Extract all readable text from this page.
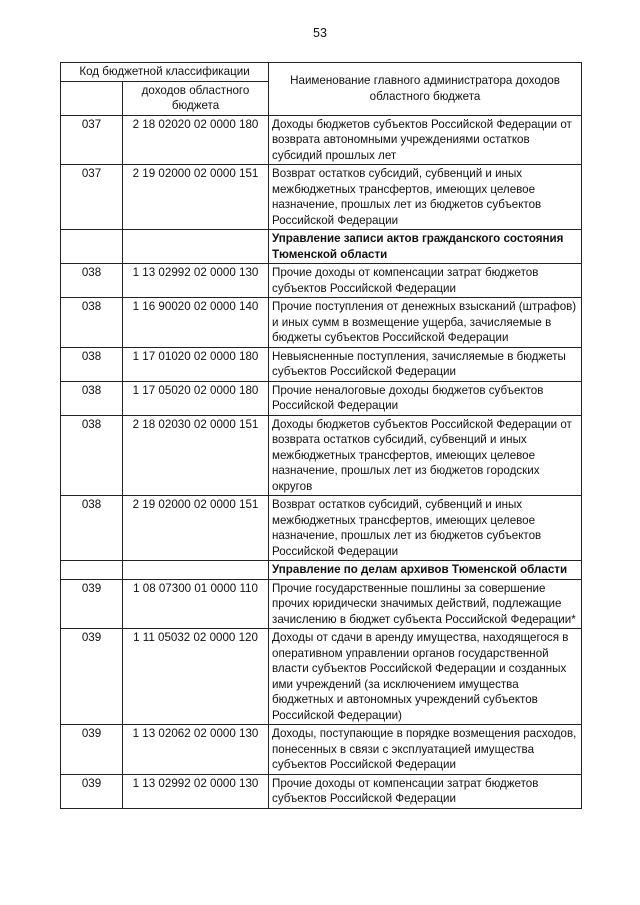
53
Код бюджетной классификации		Наименование главного администратора доходов областного бюджета
	доходов областного бюджета	
037	2 18 02020 02 0000 180	Доходы бюджетов субъектов Российской Федерации от возврата автономными учреждениями остатков субсидий прошлых лет
037	2 19 02000 02 0000 151	Возврат остатков субсидий, субвенций и иных межбюджетных трансфертов, имеющих целевое назначение, прошлых лет из бюджетов субъектов Российской Федерации
		Управление записи актов гражданского состояния Тюменской области
038	1 13 02992 02 0000 130	Прочие доходы от компенсации затрат бюджетов субъектов Российской Федерации
038	1 16 90020 02 0000 140	Прочие поступления от денежных взысканий (штрафов) и иных сумм в возмещение ущерба, зачисляемые в бюджеты субъектов Российской Федерации
038	1 17 01020 02 0000 180	Невыясненные поступления, зачисляемые в бюджеты субъектов Российской Федерации
038	1 17 05020 02 0000 180	Прочие неналоговые доходы бюджетов субъектов Российской Федерации
038	2 18 02030 02 0000 151	Доходы бюджетов субъектов Российской Федерации от возврата остатков субсидий, субвенций и иных межбюджетных трансфертов, имеющих целевое назначение, прошлых лет из бюджетов городских округов
038	2 19 02000 02 0000 151	Возврат остатков субсидий, субвенций и иных межбюджетных трансфертов, имеющих целевое назначение, прошлых лет из бюджетов субъектов Российской Федерации
		Управление по делам архивов Тюменской области
039	1 08 07300 01 0000 110	Прочие государственные пошлины за совершение прочих юридически значимых действий, подлежащие зачислению в бюджет субъекта Российской Федерации*
039	1 11 05032 02 0000 120	Доходы от сдачи в аренду имущества, находящегося в оперативном управлении органов государственной власти субъектов Российской Федерации и созданных ими учреждений (за исключением имущества бюджетных и автономных учреждений субъектов Российской Федерации)
039	1 13 02062 02 0000 130	Доходы, поступающие в порядке возмещения расходов, понесенных в связи с эксплуатацией имущества субъектов Российской Федерации
039	1 13 02992 02 0000 130	Прочие доходы от компенсации затрат бюджетов субъектов Российской Федерации
